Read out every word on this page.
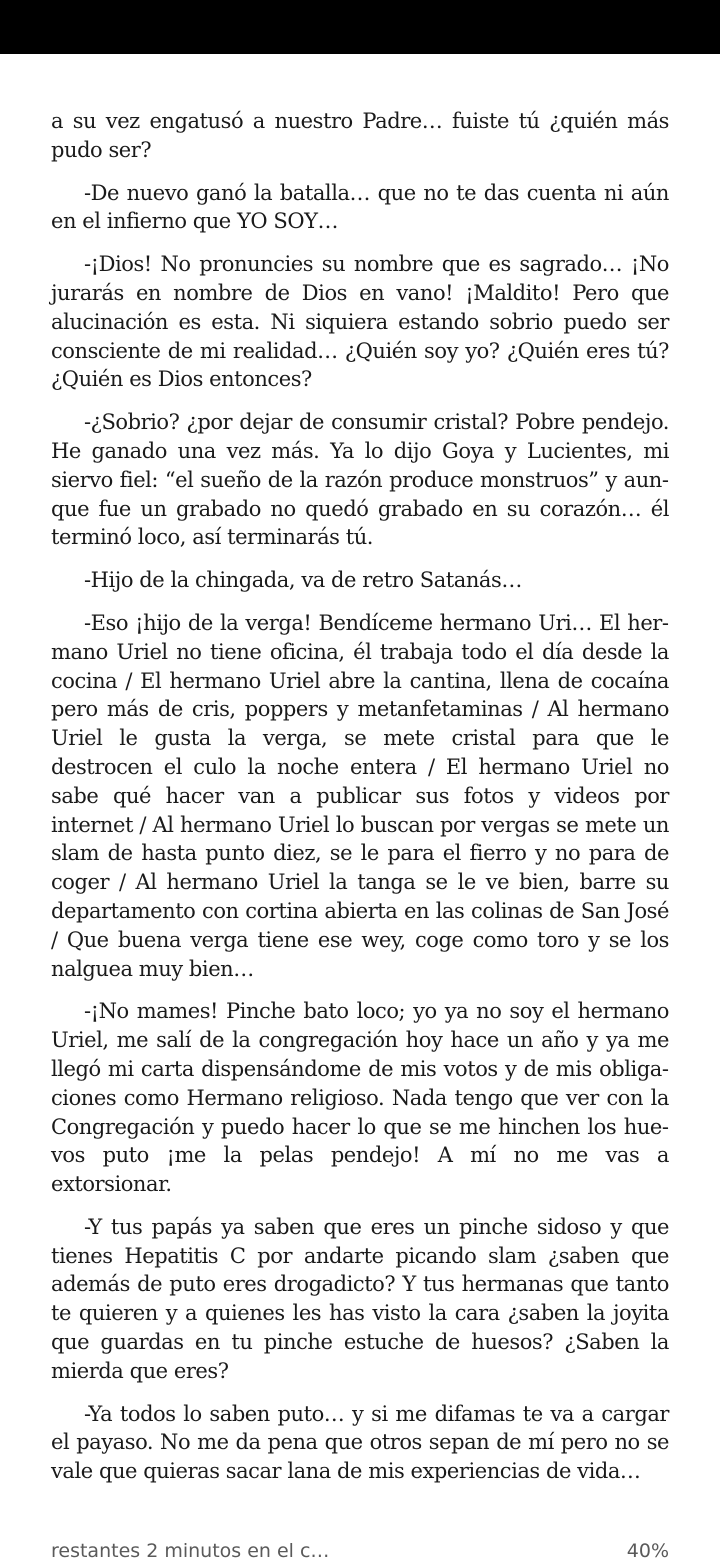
a su vez engatusó a nuestro Padre… fuiste tú ¿quién más pudo ser?

-De nuevo ganó la batalla… que no te das cuenta ni aún en el infierno que YO SOY…

-¡Dios! No pronuncies su nombre que es sagrado… ¡No jurarás en nombre de Dios en vano! ¡Maldito! Pero que alucinación es esta. Ni siquiera estando sobrio puedo ser consciente de mi realidad… ¿Quién soy yo? ¿Quién eres tú? ¿Quién es Dios entonces?

-¿Sobrio? ¿por dejar de consumir cristal? Pobre pendejo. He ganado una vez más. Ya lo dijo Goya y Lucientes, mi siervo fiel: “el sueño de la razón produce monstruos” y aunque fue un grabado no quedó grabado en su corazón… él terminó loco, así terminarás tú.

-Hijo de la chingada, va de retro Satanás…

-Eso ¡hijo de la verga! Bendíceme hermano Uri… El hermano Uriel no tiene oficina, él trabaja todo el día desde la cocina / El hermano Uriel abre la cantina, llena de cocaína pero más de cris, poppers y metanfetaminas / Al hermano Uriel le gusta la verga, se mete cristal para que le destrocen el culo la noche entera / El hermano Uriel no sabe qué hacer van a publicar sus fotos y videos por internet / Al hermano Uriel lo buscan por vergas se mete un slam de hasta punto diez, se le para el fierro y no para de coger / Al hermano Uriel la tanga se le ve bien, barre su departamento con cortina abierta en las colinas de San José / Que buena verga tiene ese wey, coge como toro y se los nalguea muy bien…

-¡No mames! Pinche bato loco; yo ya no soy el hermano Uriel, me salí de la congregación hoy hace un año y ya me llegó mi carta dispensándome de mis votos y de mis obligaciones como Hermano religioso. Nada tengo que ver con la Congregación y puedo hacer lo que se me hinchen los huevos puto ¡me la pelas pendejo! A mí no me vas a extorsionar.

-Y tus papás ya saben que eres un pinche sidoso y que tienes Hepatitis C por andarte picando slam ¿saben que además de puto eres drogadicto? Y tus hermanas que tanto te quieren y a quienes les has visto la cara ¿saben la joyita que guardas en tu pinche estuche de huesos? ¿Saben la mierda que eres?

-Ya todos lo saben puto… y si me difamas te va a cargar el payaso. No me da pena que otros sepan de mí pero no se vale que quieras sacar lana de mis experiencias de vida…

restantes 2 minutos en el c…	40%
